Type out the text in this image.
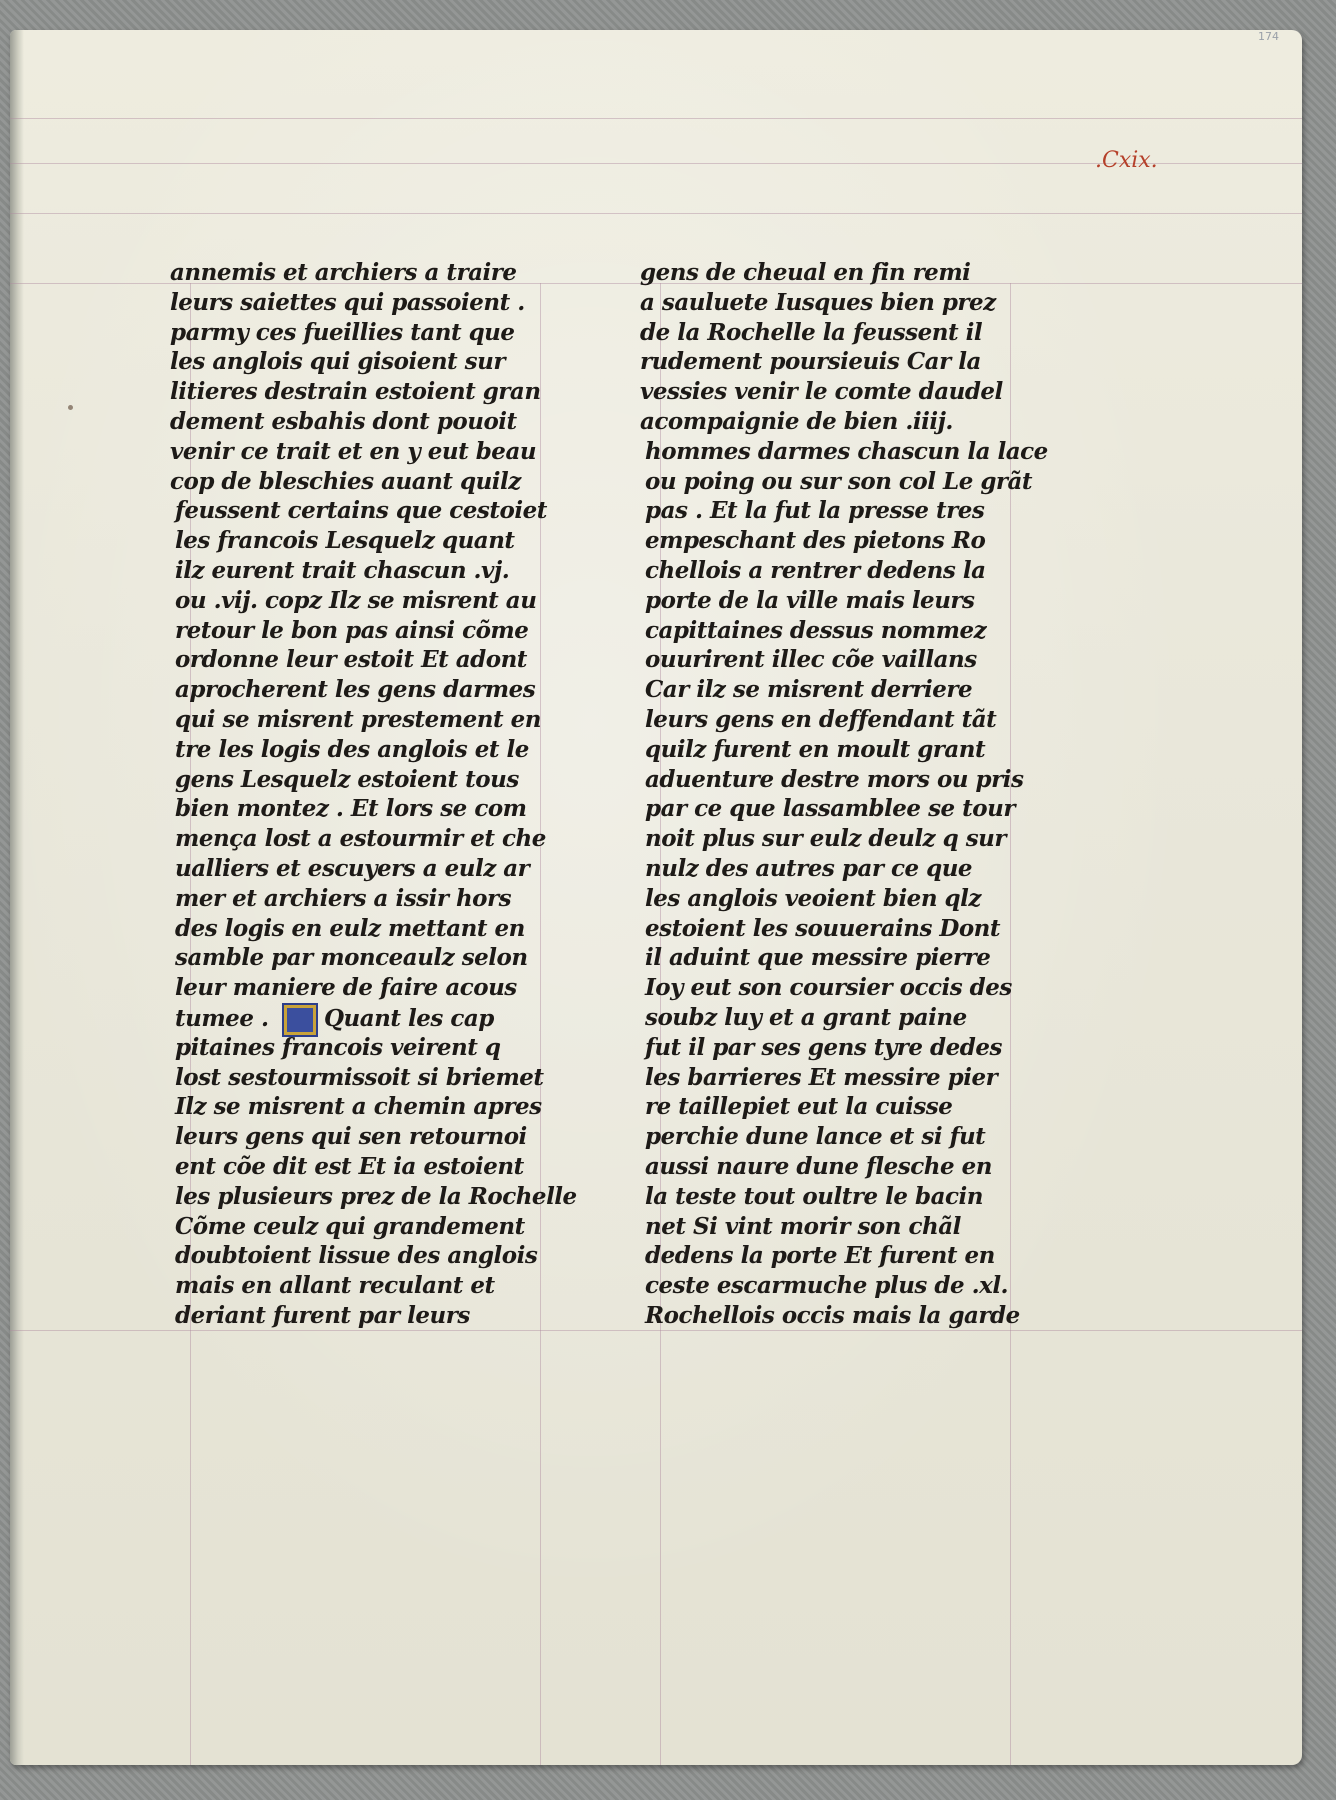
174
.Cxix.
annemis et archiers a traire
leurs saiettes qui passoient .
parmy ces fueillies tant que
les anglois qui gisoient sur
litieres destrain estoient gran
dement esbahis dont pouoit
venir ce trait et en y eut beau
cop de bleschies auant quilz
feussent certains que cestoiet
les francois Lesquelz quant
ilz eurent trait chascun .vj.
ou .vij. copz Ilz se misrent au
retour le bon pas ainsi cõme
ordonne leur estoit Et adont
aprocherent les gens darmes
qui se misrent prestement en
tre les logis des anglois et le
gens Lesquelz estoient tous
bien montez . Et lors se com
mença lost a estourmir et che
ualliers et escuyers a eulz ar
mer et archiers a issir hors
des logis en eulz mettant en
samble par monceaulz selon
leur maniere de faire acous
tumee . Quant les cap
pitaines francois veirent q
lost sestourmissoit si briemet
Ilz se misrent a chemin apres
leurs gens qui sen retournoi
ent cõe dit est Et ia estoient
les plusieurs prez de la Rochelle
Cõme ceulz qui grandement
doubtoient lissue des anglois
mais en allant reculant et
deriant furent par leurs
gens de cheual en fin remi
a sauluete Iusques bien prez
de la Rochelle la feussent il
rudement poursieuis Car la
vessies venir le comte daudel
acompaignie de bien .iiij.
hommes darmes chascun la lace
ou poing ou sur son col Le grãt
pas . Et la fut la presse tres
empeschant des pietons Ro
chellois a rentrer dedens la
porte de la ville mais leurs
capittaines dessus nommez
ouurirent illec cõe vaillans
Car ilz se misrent derriere
leurs gens en deffendant tãt
quilz furent en moult grant
aduenture destre mors ou pris
par ce que lassamblee se tour
noit plus sur eulz deulz q sur
nulz des autres par ce que
les anglois veoient bien qlz
estoient les souuerains Dont
il aduint que messire pierre
Ioy eut son coursier occis des
soubz luy et a grant paine
fut il par ses gens tyre dedes
les barrieres Et messire pier
re taillepiet eut la cuisse
perchie dune lance et si fut
aussi naure dune flesche en
la teste tout oultre le bacin
net Si vint morir son chãl
dedens la porte Et furent en
ceste escarmuche plus de .xl.
Rochellois occis mais la garde
